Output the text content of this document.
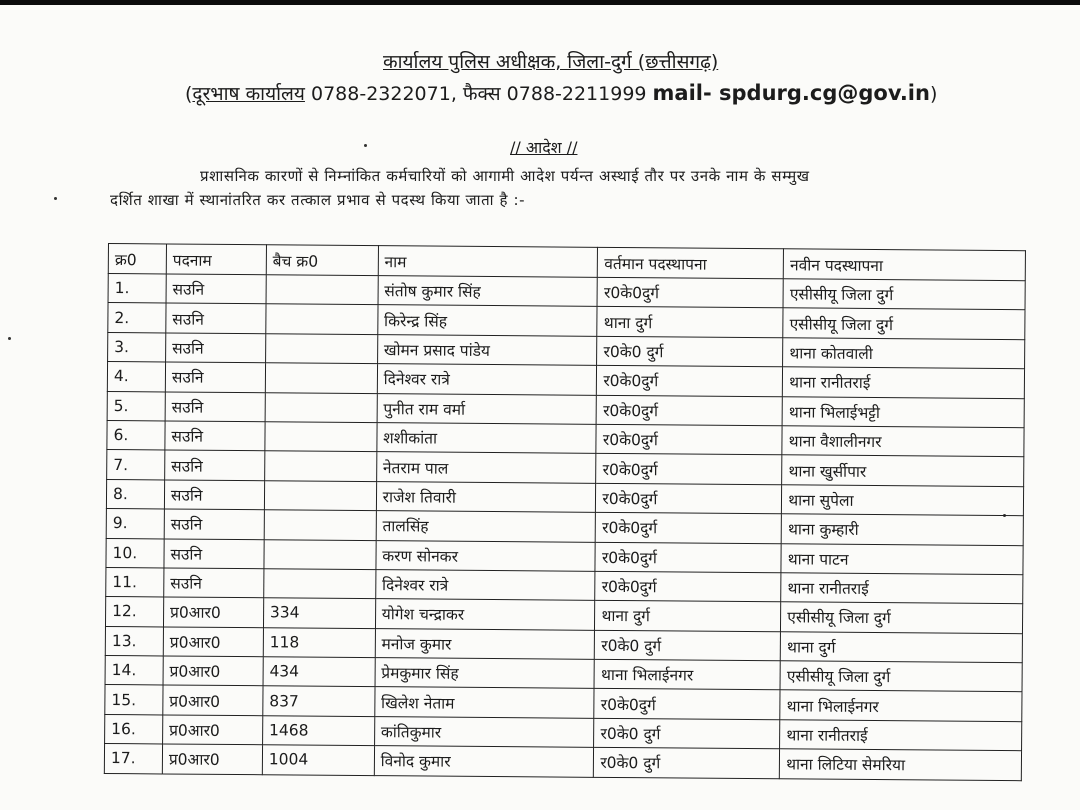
कार्यालय पुलिस अधीक्षक, जिला-दुर्ग (छत्तीसगढ़)
(दूरभाष कार्यालय 0788-2322071, फैक्स 0788-2211999 mail- spdurg.cg@gov.in)
// आदेश //
प्रशासनिक कारणों से निम्नांकित कर्मचारियों को आगामी आदेश पर्यन्त अस्थाई तौर पर उनके नाम के सम्मुख
दर्शित शाखा में स्थानांतरित कर तत्काल प्रभाव से पदस्थ किया जाता है :-
क्र0	पदनाम	बैच क्र0	नाम	वर्तमान पदस्थापना	नवीन पदस्थापना
1.	सउनि		संतोष कुमार सिंह	र0के0दुर्ग	एसीसीयू जिला दुर्ग
2.	सउनि		किरेन्द्र सिंह	थाना दुर्ग	एसीसीयू जिला दुर्ग
3.	सउनि		खोमन प्रसाद पांडेय	र0के0 दुर्ग	थाना कोतवाली
4.	सउनि		दिनेश्वर रात्रे	र0के0दुर्ग	थाना रानीतराई
5.	सउनि		पुनीत राम वर्मा	र0के0दुर्ग	थाना भिलाईभट्टी
6.	सउनि		शशीकांता	र0के0दुर्ग	थाना वैशालीनगर
7.	सउनि		नेतराम पाल	र0के0दुर्ग	थाना खुर्सीपार
8.	सउनि		राजेश तिवारी	र0के0दुर्ग	थाना सुपेला
9.	सउनि		तालसिंह	र0के0दुर्ग	थाना कुम्हारी
10.	सउनि		करण सोनकर	र0के0दुर्ग	थाना पाटन
11.	सउनि		दिनेश्वर रात्रे	र0के0दुर्ग	थाना रानीतराई
12.	प्र0आर0	334	योगेश चन्द्राकर	थाना दुर्ग	एसीसीयू जिला दुर्ग
13.	प्र0आर0	118	मनोज कुमार	र0के0 दुर्ग	थाना दुर्ग
14.	प्र0आर0	434	प्रेमकुमार सिंह	थाना भिलाईनगर	एसीसीयू जिला दुर्ग
15.	प्र0आर0	837	खिलेश नेताम	र0के0दुर्ग	थाना भिलाईनगर
16.	प्र0आर0	1468	कांतिकुमार	र0के0 दुर्ग	थाना रानीतराई
17.	प्र0आर0	1004	विनोद कुमार	र0के0 दुर्ग	थाना लिटिया सेमरिया
